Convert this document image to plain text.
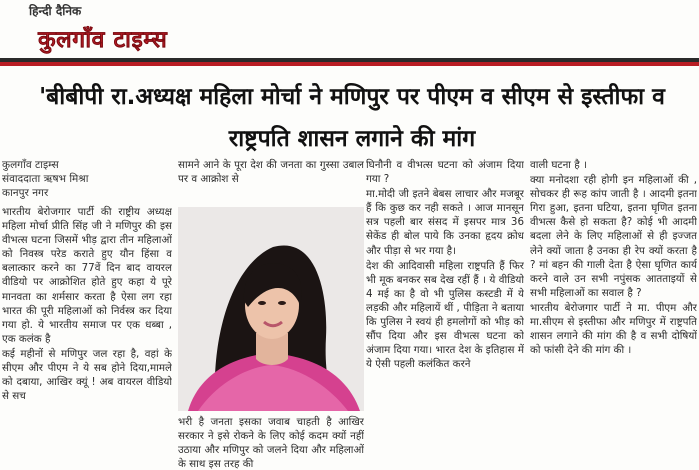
हिन्दी दैनिक
कुलगाँव टाइम्स
'बीबीपी रा.अध्यक्ष महिला मोर्चा ने मणिपुर पर पीएम व सीएम से इस्तीफा व राष्ट्रपति शासन लगाने की मांग
कुलगाँव टाइम्स
संवाददाता ऋषभ मिश्रा
कानपुर नगर

भारतीय बेरोजगार पार्टी की राष्ट्रीय अध्यक्ष महिला मोर्चा प्रीति सिंह जी ने मणिपुर की इस वीभत्स घटना जिसमें भीड़ द्वारा तीन महिलाओं को निवस्त्र परेड कराते हुए यौन हिंसा व बलात्कार करने का 77वें दिन बाद वायरल वीडियो पर आक्रोशित होते हुए कहा ये पूरे मानवता का शर्मसार करता है ऐसा लग रहा भारत की पूरी महिलाओं को निर्वस्त्र कर दिया गया हो. ये भारतीय समाज पर एक धब्बा , एक कलंक है

कई महीनों से मणिपुर जल रहा है, वहां के सीएम और पीएम ने ये सब होने दिया,मामले को दबाया, आखिर क्यूं ! अब वायरल वीडियो से सच

सामने आने के पूरा देश की जनता का गुस्सा उबाल पर व आक्रोश से

भरी है जनता इसका जवाब चाहती है आखिर सरकार ने इसे रोकने के लिए कोई कदम क्यों नहीं उठाया और मणिपुर को जलने दिया और महिलाओं के साथ इस तरह की

घिनौनी व वीभत्स घटना को अंजाम दिया गया ?

मा.मोदी जी इतने बेबस लाचार और मजबूर हैं कि कुछ कर नही सकते । आज मानसून सत्र पहली बार संसद में इसपर मात्र 36 सेकेंड ही बोल पाये कि उनका हृदय क्रोध और पीड़ा से भर गया है।

देश की आदिवासी महिला राष्ट्रपति हैं फिर भी मूक बनकर सब देख रहीं हैं । ये वीडियो 4 मई का है वो भी पुलिस कस्टडी में ये लड़की और महिलायें थीं , पीड़िता ने बताया कि पुलिस ने स्वयं ही हमलोगों को भीड़ को सौंप दिया और इस वीभत्स घटना को अंजाम दिया गया। भारत देश के इतिहास में ये ऐसी पहली कलंकित करने

वाली घटना है ।

क्या मनोदशा रही होगी इन महिलाओं की , सोचकर ही रूह कांप जाती है । आदमी इतना गिरा हुआ, इतना घटिया, इतना घृणित इतना वीभत्स कैसे हो सकता है? कोई भी आदमी बदला लेने के लिए महिलाओं से ही इज्जत लेने क्यों जाता है उनका ही रेप क्यों करता है ? मां बहन की गाली देता है ऐसा घृणित कार्य करने वाले उन सभी नपुंसक आतताइयों से सभी महिलाओं का सवाल है ?

भारतीय बेरोजगार पार्टी ने मा. पीएम और मा.सीएम से इस्तीफा और मणिपुर में राष्ट्रपति शासन लगाने की मांग की है व सभी दोषियों को फांसी देने की मांग की ।
